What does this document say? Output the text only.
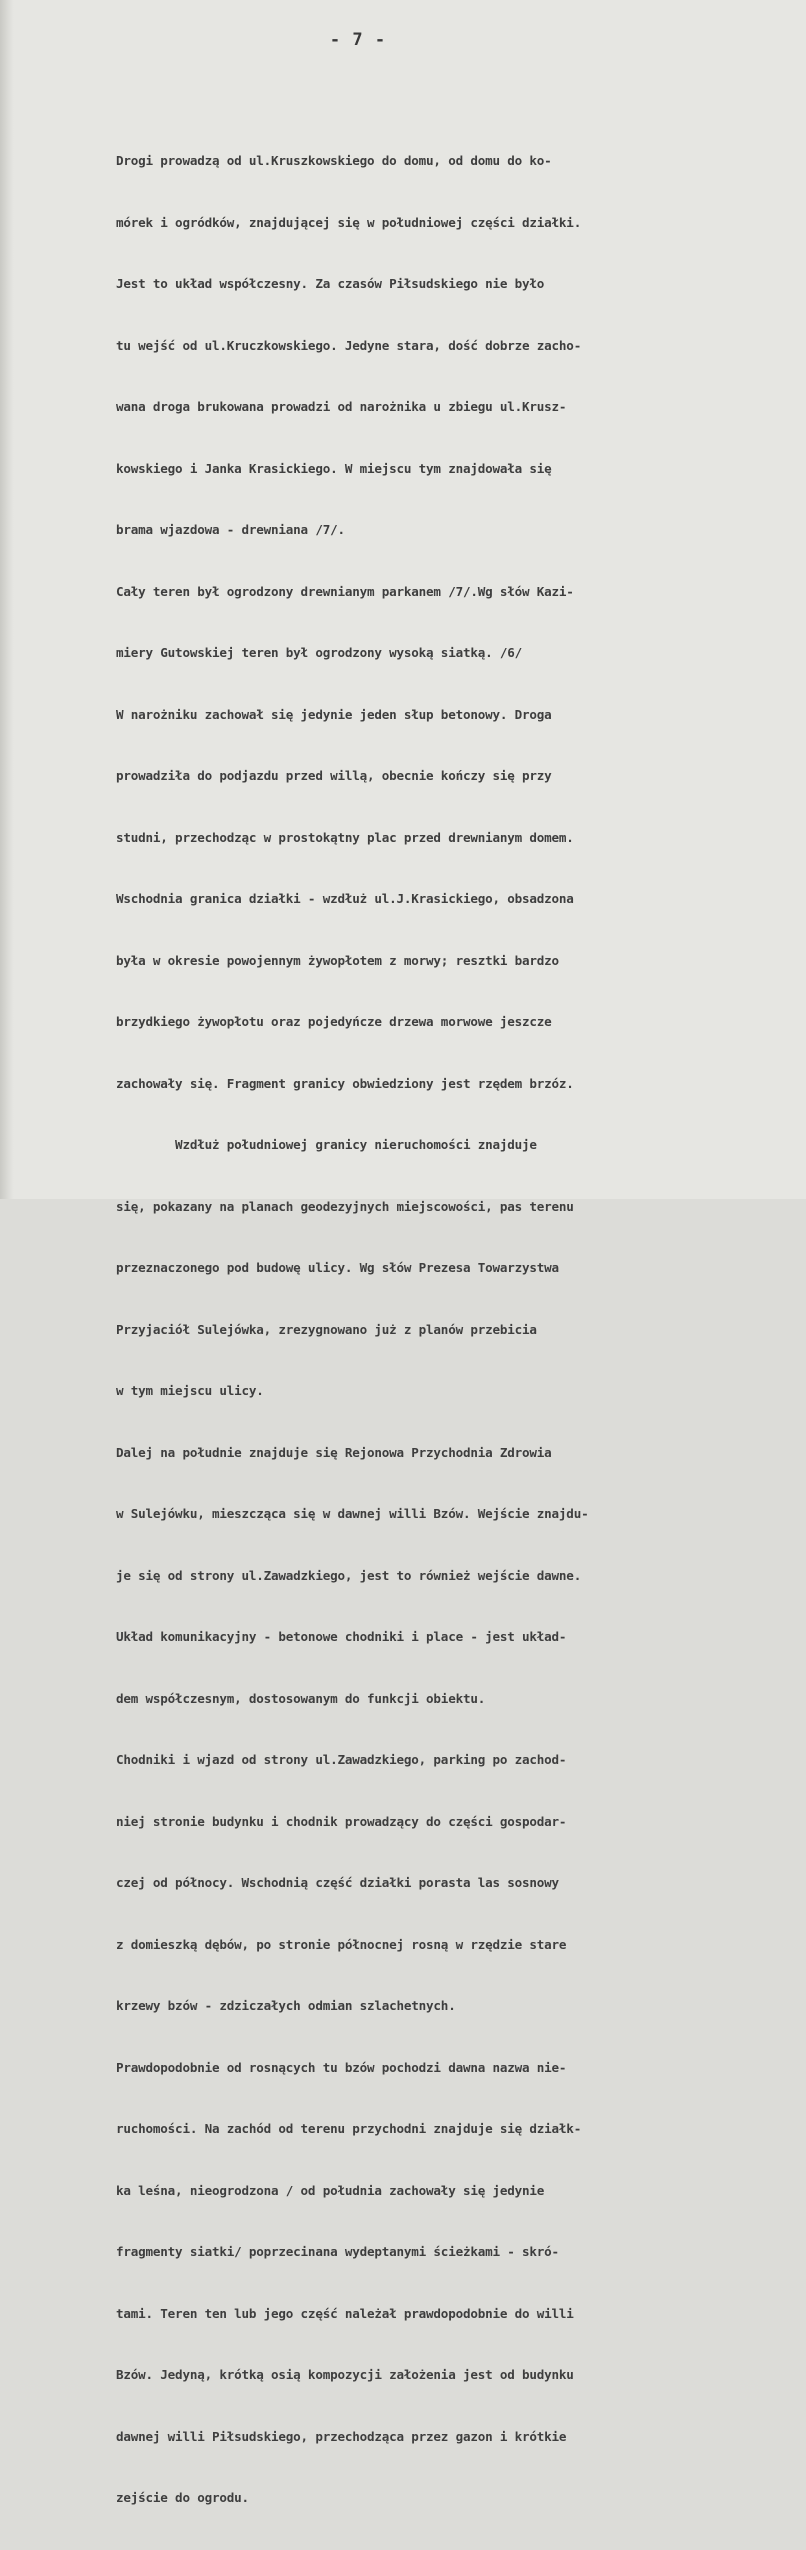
- 7 -

Drogi prowadzą od ul.Kruszkowskiego do domu, od domu do ko-

mórek i ogródków, znajdującej się w południowej części działki.

Jest to układ współczesny. Za czasów Piłsudskiego nie było

tu wejść od ul.Kruczkowskiego. Jedyne stara, dość dobrze zacho-

wana droga brukowana prowadzi od narożnika u zbiegu ul.Krusz-

kowskiego i Janka Krasickiego. W miejscu tym znajdowała się

brama wjazdowa - drewniana /7/.

Cały teren był ogrodzony drewnianym parkanem /7/.Wg słów Kazi-

miery Gutowskiej teren był ogrodzony wysoką siatką. /6/

W narożniku zachował się jedynie jeden słup betonowy. Droga

prowadziła do podjazdu przed willą, obecnie kończy się przy

studni, przechodząc w prostokątny plac przed drewnianym domem.

Wschodnia granica działki - wzdłuż ul.J.Krasickiego, obsadzona

była w okresie powojennym żywopłotem z morwy; resztki bardzo

brzydkiego żywopłotu oraz pojedyńcze drzewa morwowe jeszcze

zachowały się. Fragment granicy obwiedziony jest rzędem brzóz.

Wzdłuż południowej granicy nieruchomości znajduje

się, pokazany na planach geodezyjnych miejscowości, pas terenu

przeznaczonego pod budowę ulicy. Wg słów Prezesa Towarzystwa

Przyjaciół Sulejówka, zrezygnowano już z planów przebicia

w tym miejscu ulicy.

Dalej na południe znajduje się Rejonowa Przychodnia Zdrowia

w Sulejówku, mieszcząca się w dawnej willi Bzów. Wejście znajdu-

je się od strony ul.Zawadzkiego, jest to również wejście dawne.

Układ komunikacyjny - betonowe chodniki i place - jest układ-

dem współczesnym, dostosowanym do funkcji obiektu.

Chodniki i wjazd od strony ul.Zawadzkiego, parking po zachod-

niej stronie budynku i chodnik prowadzący do części gospodar-

czej od północy. Wschodnią część działki porasta las sosnowy

z domieszką dębów, po stronie północnej rosną w rzędzie stare

krzewy bzów - zdziczałych odmian szlachetnych.

Prawdopodobnie od rosnących tu bzów pochodzi dawna nazwa nie-

ruchomości. Na zachód od terenu przychodni znajduje się działk-

ka leśna, nieogrodzona / od południa zachowały się jedynie

fragmenty siatki/ poprzecinana wydeptanymi ścieżkami - skró-

tami. Teren ten lub jego część należał prawdopodobnie do willi

Bzów. Jedyną, krótką osią kompozycji założenia jest od budynku

dawnej willi Piłsudskiego, przechodząca przez gazon i krótkie

zejście do ogrodu.
